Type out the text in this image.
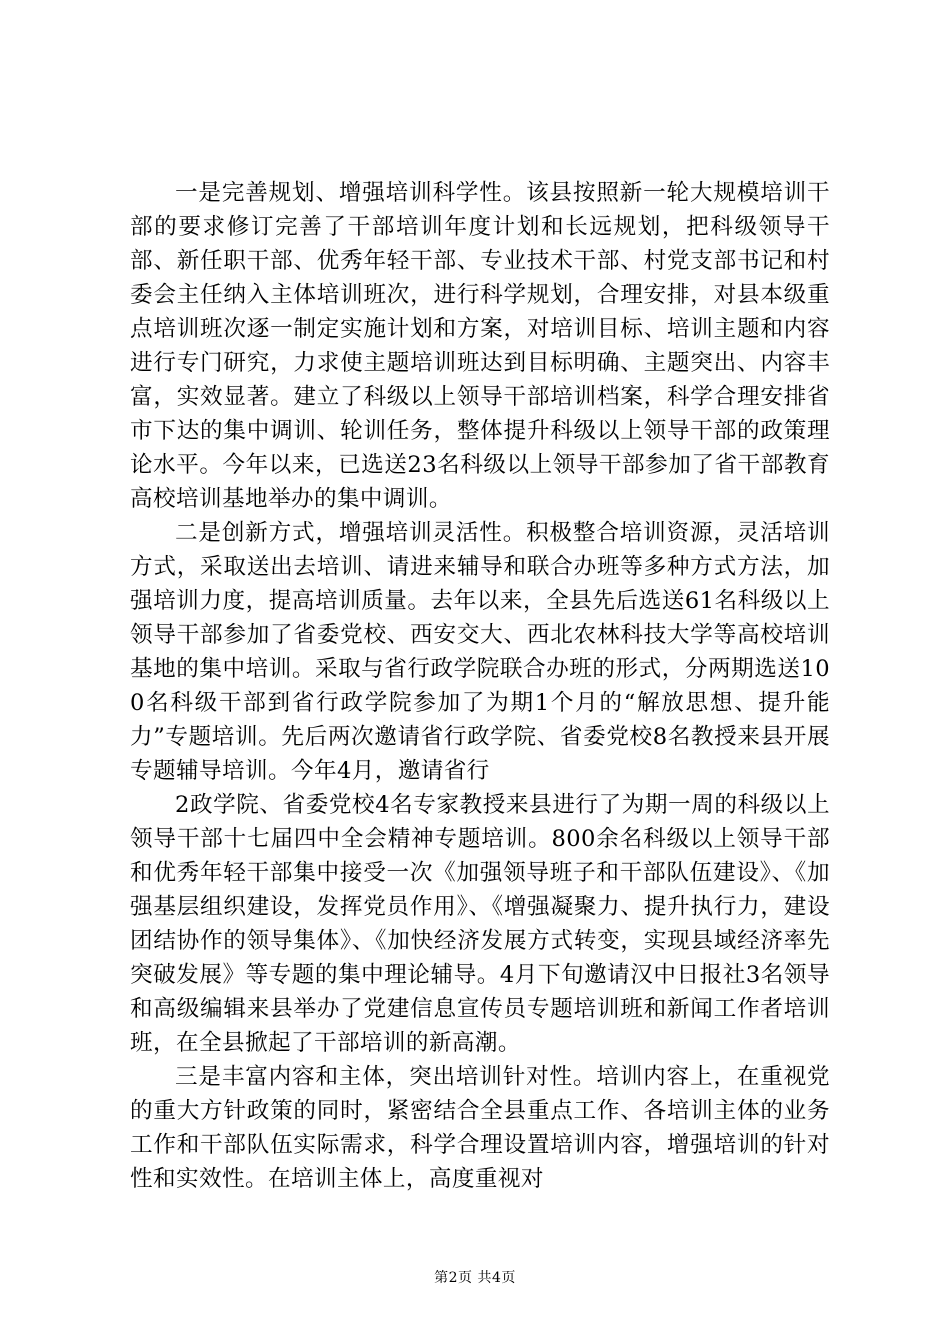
一是完善规划、增强培训科学性。该县按照新一轮大规模培训干部的要求修订完善了干部培训年度计划和长远规划，把科级领导干部、新任职干部、优秀年轻干部、专业技术干部、村党支部书记和村委会主任纳入主体培训班次，进行科学规划，合理安排，对县本级重点培训班次逐一制定实施计划和方案，对培训目标、培训主题和内容进行专门研究，力求使主题培训班达到目标明确、主题突出、内容丰富，实效显著。建立了科级以上领导干部培训档案，科学合理安排省市下达的集中调训、轮训任务，整体提升科级以上领导干部的政策理论水平。今年以来，已选送23名科级以上领导干部参加了省干部教育高校培训基地举办的集中调训。

二是创新方式，增强培训灵活性。积极整合培训资源，灵活培训方式，采取送出去培训、请进来辅导和联合办班等多种方式方法，加强培训力度，提高培训质量。去年以来，全县先后选送61名科级以上领导干部参加了省委党校、西安交大、西北农林科技大学等高校培训基地的集中培训。采取与省行政学院联合办班的形式，分两期选送100名科级干部到省行政学院参加了为期1个月的“解放思想、提升能力”专题培训。先后两次邀请省行政学院、省委党校8名教授来县开展专题辅导培训。今年4月，邀请省行

2政学院、省委党校4名专家教授来县进行了为期一周的科级以上领导干部十七届四中全会精神专题培训。800余名科级以上领导干部和优秀年轻干部集中接受一次《加强领导班子和干部队伍建设》、《加强基层组织建设，发挥党员作用》、《增强凝聚力、提升执行力，建设团结协作的领导集体》、《加快经济发展方式转变，实现县域经济率先突破发展》等专题的集中理论辅导。4月下旬邀请汉中日报社3名领导和高级编辑来县举办了党建信息宣传员专题培训班和新闻工作者培训班，在全县掀起了干部培训的新高潮。

三是丰富内容和主体，突出培训针对性。培训内容上，在重视党的重大方针政策的同时，紧密结合全县重点工作、各培训主体的业务工作和干部队伍实际需求，科学合理设置培训内容，增强培训的针对性和实效性。在培训主体上，高度重视对

第2页 共4页
